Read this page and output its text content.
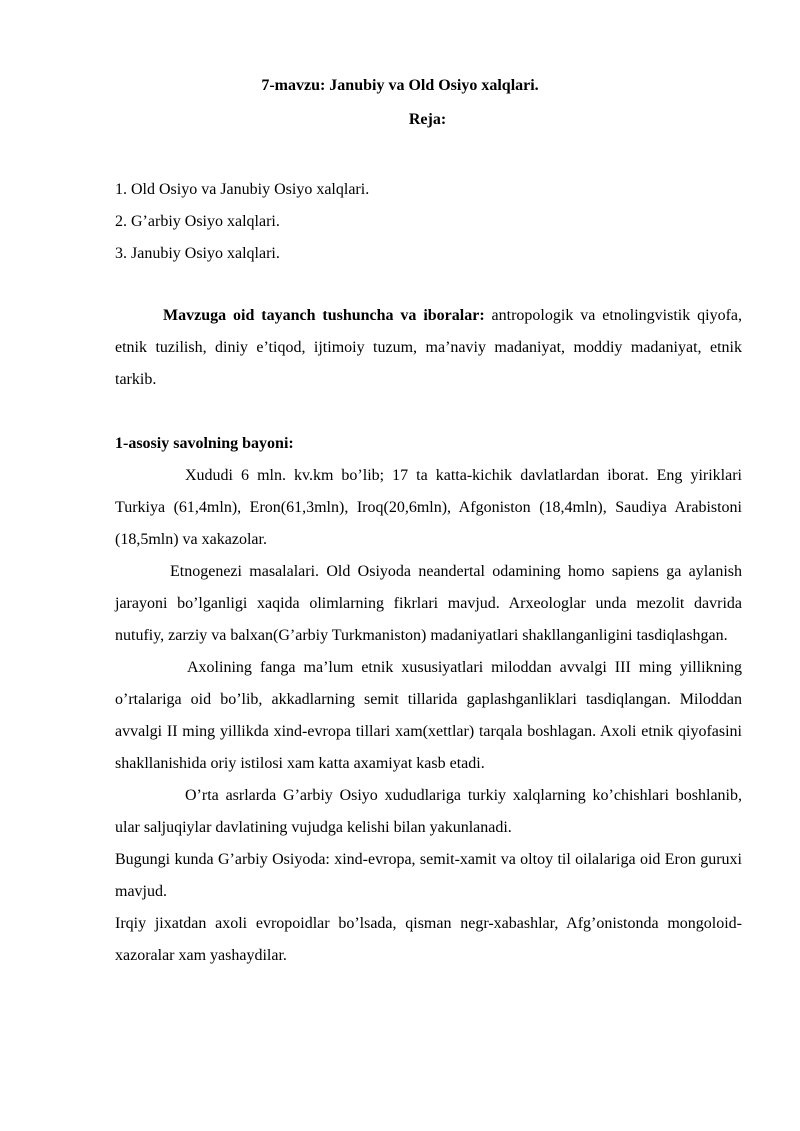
7-mavzu: Janubiy va Old Osiyo xalqlari.
Reja:
1. Old Osiyo va Janubiy Osiyo xalqlari.
2. G’arbiy Osiyo xalqlari.
3. Janubiy Osiyo xalqlari.

Mavzuga oid tayanch tushuncha va iboralar: antropologik va etnolingvistik qiyofa, etnik tuzilish, diniy e’tiqod, ijtimoiy tuzum, ma’naviy madaniyat, moddiy madaniyat, etnik tarkib.

1-asosiy savolning bayoni:

Xududi 6 mln. kv.km bo’lib; 17 ta katta-kichik davlatlardan iborat. Eng yiriklari Turkiya (61,4mln), Eron(61,3mln), Iroq(20,6mln), Afgoniston (18,4mln), Saudiya Arabistoni (18,5mln) va xakazolar.

Etnogenezi masalalari. Old Osiyoda neandertal odamining homo sapiens ga aylanish jarayoni bo’lganligi xaqida olimlarning fikrlari mavjud. Arxeologlar unda mezolit davrida nutufiy, zarziy va balxan(G’arbiy Turkmaniston) madaniyatlari shakllanganligini tasdiqlashgan.

Axolining fanga ma’lum etnik xususiyatlari miloddan avvalgi III ming yillikning o’rtalariga oid bo’lib, akkadlarning semit tillarida gaplashganliklari tasdiqlangan. Miloddan avvalgi II ming yillikda xind-evropa tillari xam(xettlar) tarqala boshlagan. Axoli etnik qiyofasini shakllanishida oriy istilosi xam katta axamiyat kasb etadi.

O’rta asrlarda G’arbiy Osiyo xududlariga turkiy xalqlarning ko’chishlari boshlanib, ular saljuqiylar davlatining vujudga kelishi bilan yakunlanadi.

Bugungi kunda G’arbiy Osiyoda: xind-evropa, semit-xamit va oltoy til oilalariga oid Eron guruxi mavjud.

Irqiy jixatdan axoli evropoidlar bo’lsada, qisman negr-xabashlar, Afg’onistonda mongoloid-xazoralar xam yashaydilar.
